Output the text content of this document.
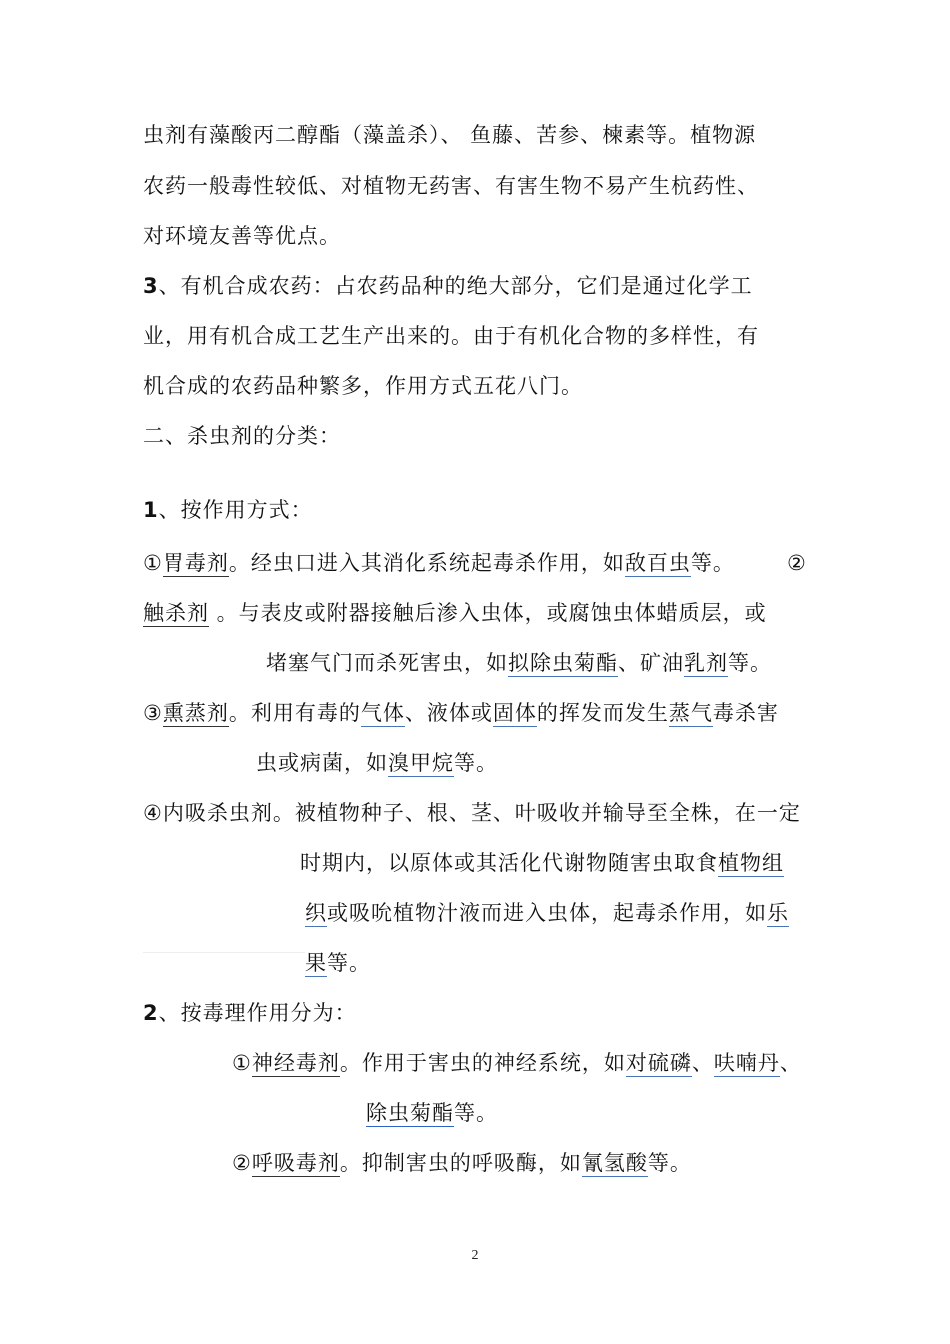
虫剂有藻酸丙二醇酯（藻盖杀）、 鱼藤、苦参、楝素等。植物源
农药一般毒性较低、对植物无药害、有害生物不易产生杭药性、
对环境友善等优点。
3、有机合成农药：占农药品种的绝大部分，它们是通过化学工
业，用有机合成工艺生产出来的。由于有机化合物的多样性，有
机合成的农药品种繁多，作用方式五花八门。
二、杀虫剂的分类：
1、按作用方式：
①胃毒剂。经虫口进入其消化系统起毒杀作用，如敌百虫等。 ②
触杀剂 。与表皮或附器接触后渗入虫体，或腐蚀虫体蜡质层，或
堵塞气门而杀死害虫，如拟除虫菊酯、矿油乳剂等。
③熏蒸剂。利用有毒的气体、液体或固体的挥发而发生蒸气毒杀害
虫或病菌，如溴甲烷等。
④内吸杀虫剂。被植物种子、根、茎、叶吸收并输导至全株，在一定
时期内，以原体或其活化代谢物随害虫取食植物组
织或吸吮植物汁液而进入虫体，起毒杀作用，如乐
果等。
2、按毒理作用分为：
①神经毒剂。作用于害虫的神经系统，如对硫磷、呋喃丹、
除虫菊酯等。
②呼吸毒剂。抑制害虫的呼吸酶，如氰氢酸等。
2
